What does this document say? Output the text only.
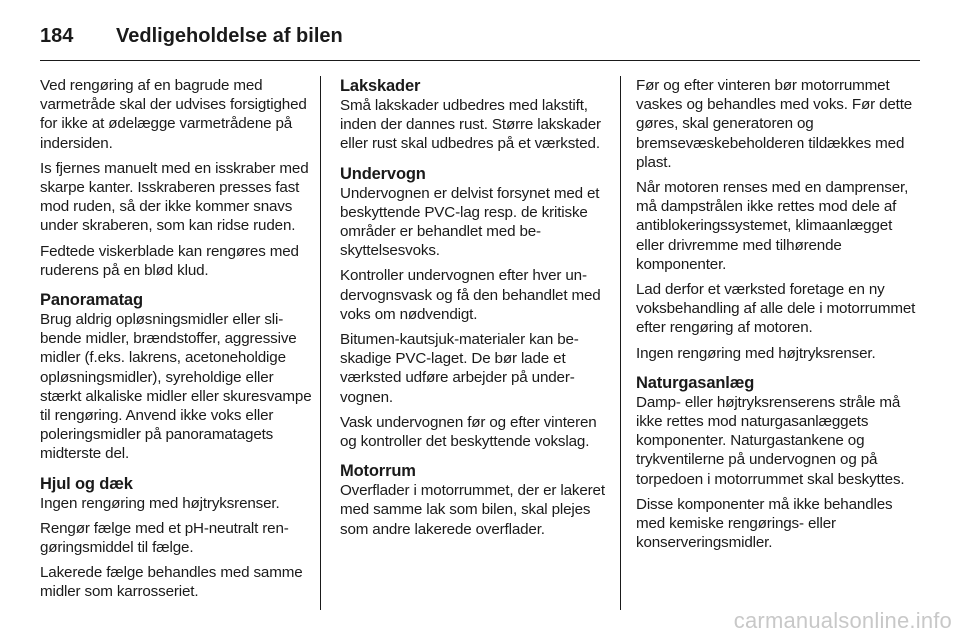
184	Vedligeholdelse af bilen

Ved rengøring af en bagrude med varmetråde skal der udvises forsigtighed for ikke at ødelægge varmetrådene på indersiden.

Is fjernes manuelt med en isskraber med skarpe kanter. Isskraberen presses fast mod ruden, så der ikke kommer snavs under skraberen, som kan ridse ruden.

Fedtede viskerblade kan rengøres med ruderens på en blød klud.

Panoramatag

Brug aldrig opløsningsmidler eller slibende midler, brændstoffer, aggressive midler (f.eks. lakrens, acetoneholdige opløsningsmidler), syreholdige eller stærkt alkaliske midler eller skuresvampe til rengøring. Anvend ikke voks eller poleringsmidler på panoramatagets midterste del.

Hjul og dæk

Ingen rengøring med højtryksrenser.

Rengør fælge med et pH-neutralt rengøringsmiddel til fælge.

Lakerede fælge behandles med samme midler som karrosseriet.

Lakskader

Små lakskader udbedres med lakstift, inden der dannes rust. Større lakskader eller rust skal udbedres på et værksted.

Undervogn

Undervognen er delvist forsynet med et beskyttende PVC-lag resp. de kritiske områder er behandlet med beskyttelsesvoks.

Kontroller undervognen efter hver undervognsvask og få den behandlet med voks om nødvendigt.

Bitumen-kautsjuk-materialer kan beskadige PVC-laget. De bør lade et værksted udføre arbejder på undervognen.

Vask undervognen før og efter vinteren og kontroller det beskyttende vokslag.

Motorrum

Overflader i motorrummet, der er lakeret med samme lak som bilen, skal plejes som andre lakerede overflader.

Før og efter vinteren bør motorrummet vaskes og behandles med voks. Før dette gøres, skal generatoren og bremsevæskebeholderen tildækkes med plast.

Når motoren renses med en damprenser, må dampstrålen ikke rettes mod dele af antiblokeringssystemet, klimaanlægget eller drivremme med tilhørende komponenter.

Lad derfor et værksted foretage en ny voksbehandling af alle dele i motorrummet efter rengøring af motoren.

Ingen rengøring med højtryksrenser.

Naturgasanlæg

Damp- eller højtryksrenserens stråle må ikke rettes mod naturgasanlæggets komponenter. Naturgastankene og trykventilerne på undervognen og på torpedoen i motorrummet skal beskyttes.

Disse komponenter må ikke behandles med kemiske rengørings- eller konserveringsmidler.

carmanualsonline.info
